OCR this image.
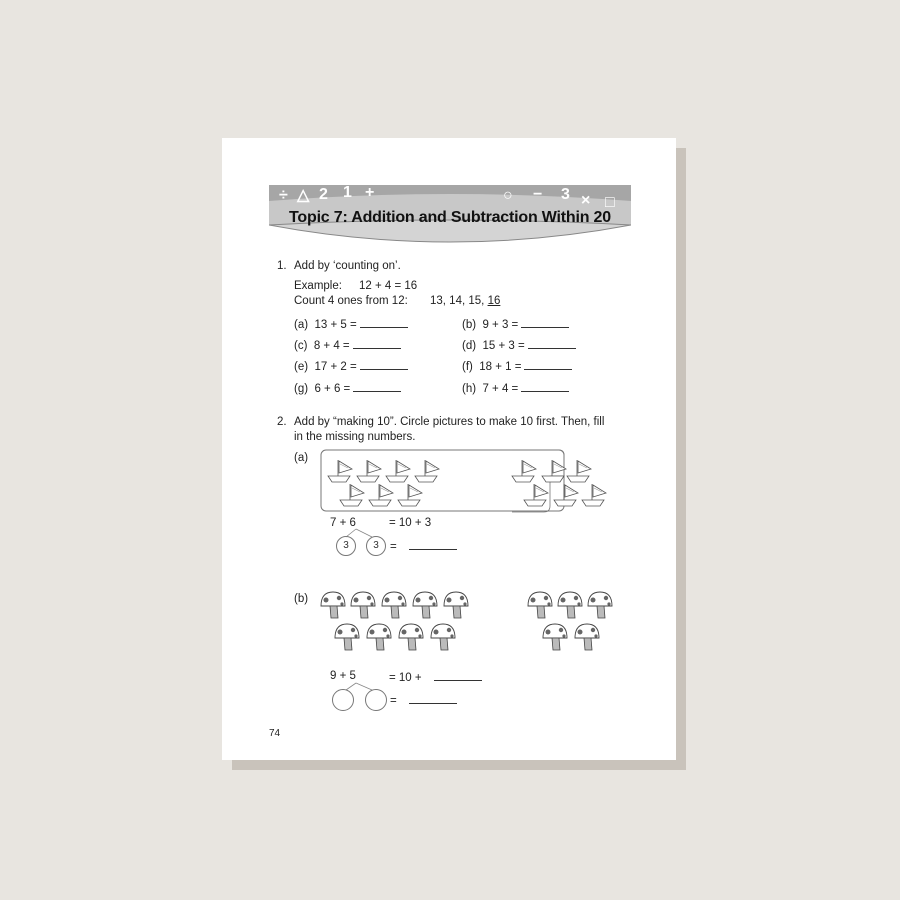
÷ △ 2 1 +	○ − 3 × □
Topic 7: Addition and Subtraction Within 20
1. Add by ‘counting on’.
Example: 12 + 4 = 16
Count 4 ones from 12: 13, 14, 15, 16
(a) 13 + 5 =	(b) 9 + 3 =
(c) 8 + 4 =	(d) 15 + 3 =
(e) 17 + 2 =	(f) 18 + 1 =
(g) 6 + 6 =	(h) 7 + 4 =
2. Add by “making 10”. Circle pictures to make 10 first. Then, fill
in the missing numbers.
(a)
7 + 6	= 10 + 3
3	3 =
(b)
9 + 5	= 10 +
=
74
